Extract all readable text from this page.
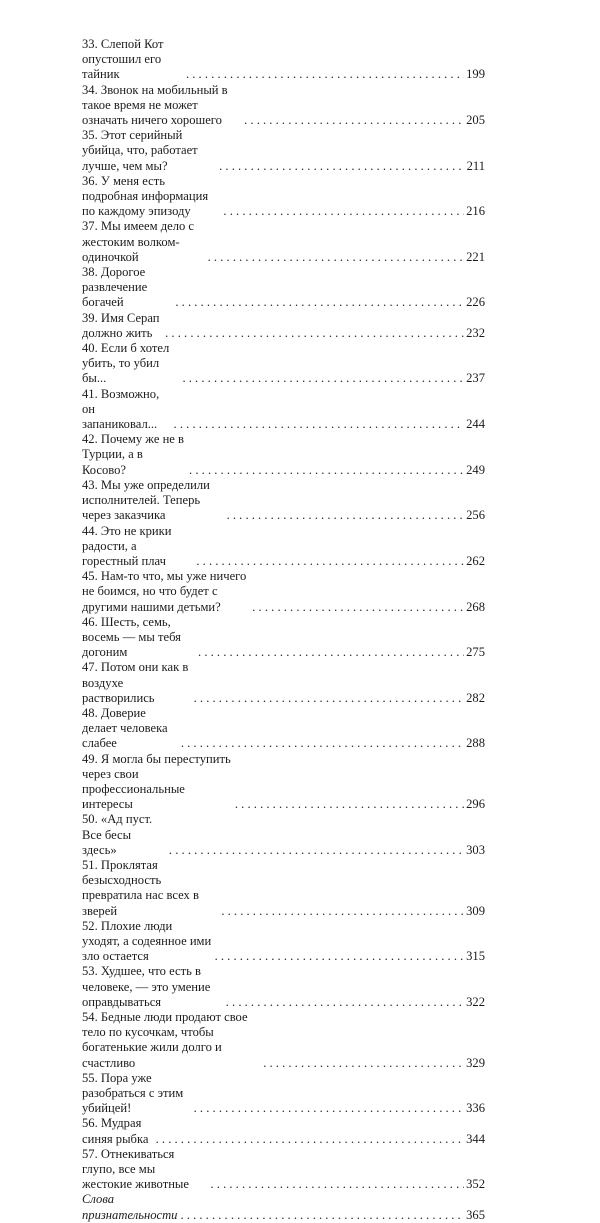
33. Слепой Кот опустошил его тайник . . .	199
34. Звонок на мобильный в такое время не может означать ничего хорошего . . .	205
35. Этот серийный убийца, что, работает лучше, чем мы? . . .	211
36. У меня есть подробная информация по каждому эпизоду . . .	216
37. Мы имеем дело с жестоким волком-одиночкой . . .	221
38. Дорогое развлечение богачей . . .	226
39. Имя Серап должно жить . . .	232
40. Если б хотел убить, то убил бы... . . .	237
41. Возможно, он запаниковал... . . .	244
42. Почему же не в Турции, а в Косово? . . .	249
43. Мы уже определили исполнителей. Теперь через заказчика . . .	256
44. Это не крики радости, а горестный плач . . .	262
45. Нам-то что, мы уже ничего не боимся, но что будет с другими нашими детьми? . . .	268
46. Шесть, семь, восемь — мы тебя догоним . . .	275
47. Потом они как в воздухе растворились . . .	282
48. Доверие делает человека слабее . . .	288
49. Я могла бы переступить через свои профессиональные интересы . . .	296
50. «Ад пуст. Все бесы здесь» . . .	303
51. Проклятая безысходность превратила нас всех в зверей . . .	309
52. Плохие люди уходят, а содеянное ими зло остается . . .	315
53. Худшее, что есть в человеке, — это умение оправдываться . . .	322
54. Бедные люди продают свое тело по кусочкам, чтобы богатенькие жили долго и счастливо . . .	329
55. Пора уже разобраться с этим убийцей! . . .	336
56. Мудрая синяя рыбка . . .	344
57. Отнекиваться глупо, все мы жестокие животные . . .	352
Слова признательности . . .	365
